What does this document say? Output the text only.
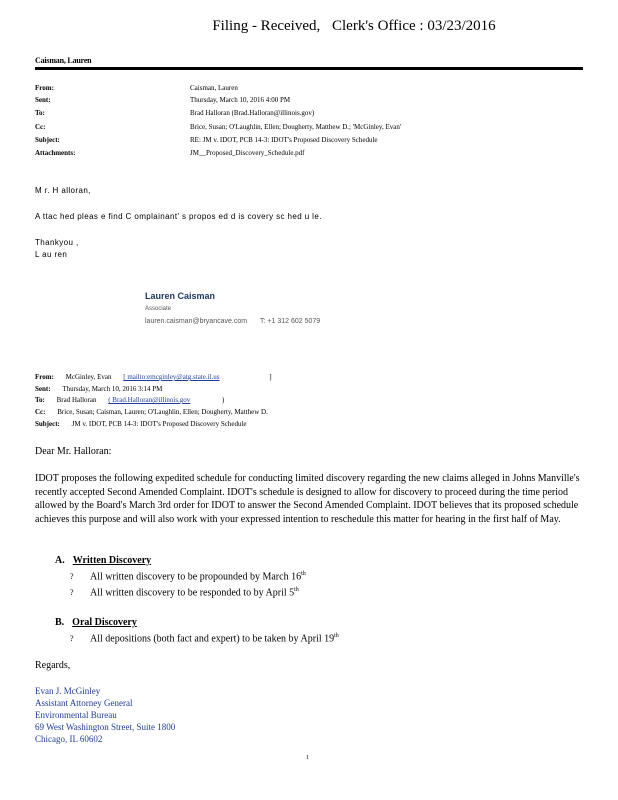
Filing - Received, Clerk's Office : 03/23/2016
Caisman, Lauren
From:	Caisman, Lauren
Sent:	Thursday, March 10, 2016 4:00 PM
To:	Brad Halloran (Brad.Halloran@illinois.gov)
Cc:	Brice, Susan; O'Laughlin, Ellen; Dougherty, Matthew D.; 'McGinley, Evan'
Subject:	RE: JM v. IDOT, PCB 14-3: IDOT's Proposed Discovery Schedule
Attachments:	JM__Proposed_Discovery_Schedule.pdf
M r. H alloran,
A ttac hed pleas e find C omplainant' s propos ed d is covery sc hed u le.
Thankyou ,
L au ren
Lauren Caisman
Associate
lauren.caisman@bryancave.com T: +1 312 602 5079
From: McGinley, Evan [ mailto:emcginley@atg.state.il.us	]
Sent: Thursday, March 10, 2016 3:14 PM
To: Brad Halloran ( Brad.Halloran@illinois.gov	)
Cc: Brice, Susan; Caisman, Lauren; O'Laughlin, Ellen; Dougherty, Matthew D.
Subject: JM v. IDOT, PCB 14-3: IDOT's Proposed Discovery Schedule
Dear Mr. Halloran:
IDOT proposes the following expedited schedule for conducting limited discovery regarding the new claims alleged in Johns Manville's recently accepted Second Amended Complaint. IDOT's schedule is designed to allow for discovery to proceed during the time period allowed by the Board's March 3rd order for IDOT to answer the Second Amended Complaint. IDOT believes that its proposed schedule achieves this purpose and will also work with your expressed intention to reschedule this matter for hearing in the first half of May.
A. Written Discovery
? All written discovery to be propounded by March 16th
? All written discovery to be responded to by April 5th
B. Oral Discovery
? All depositions (both fact and expert) to be taken by April 19th
Regards,
Evan J. McGinley
Assistant Attorney General
Environmental Bureau
69 West Washington Street, Suite 1800
Chicago, IL 60602
1
